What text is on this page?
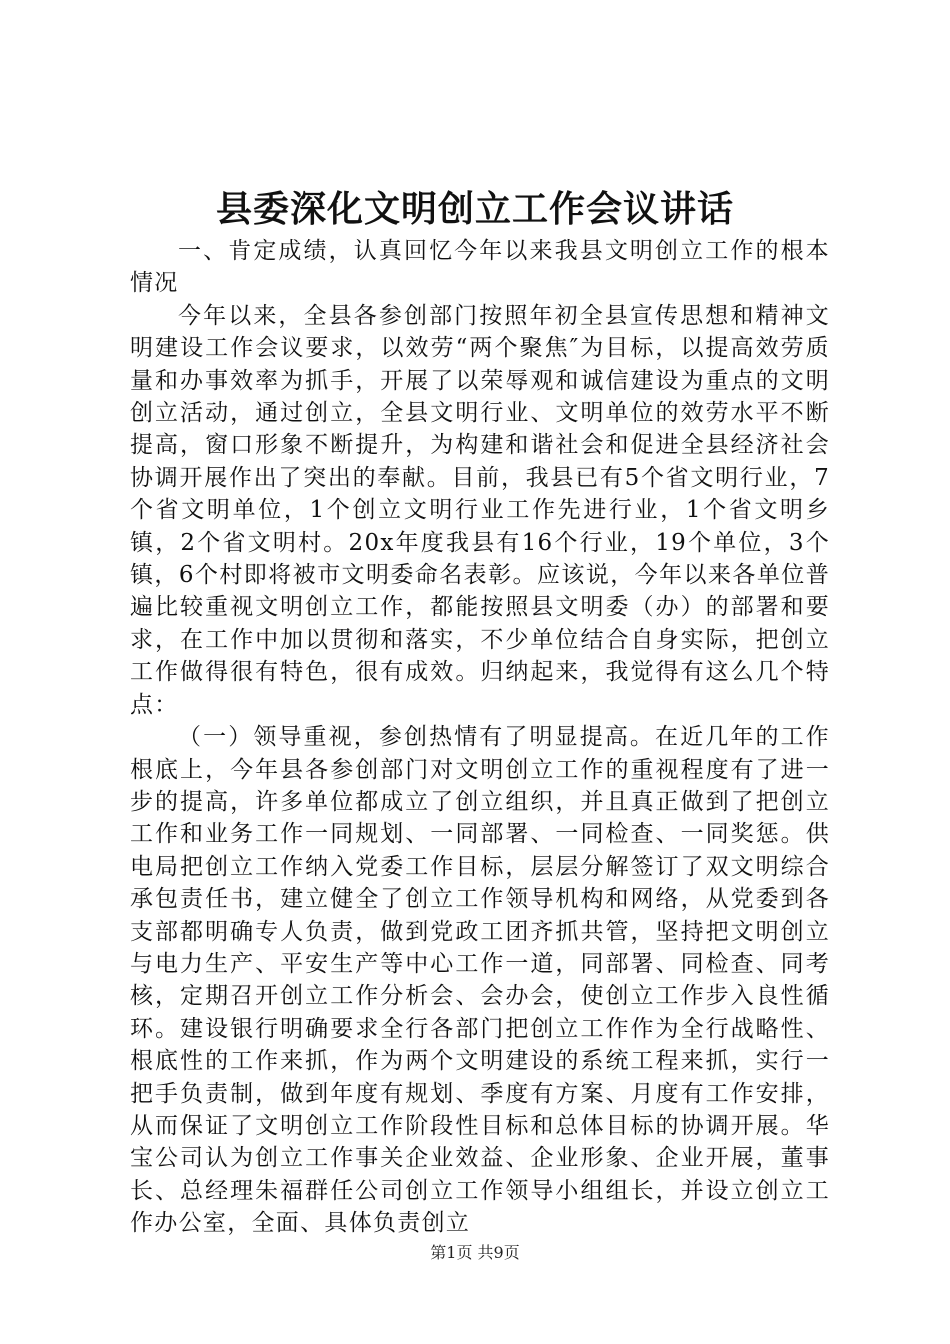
县委深化文明创立工作会议讲话

一、肯定成绩，认真回忆今年以来我县文明创立工作的根本情况

今年以来，全县各参创部门按照年初全县宣传思想和精神文明建设工作会议要求，以效劳“两个聚焦″为目标，以提高效劳质量和办事效率为抓手，开展了以荣辱观和诚信建设为重点的文明创立活动，通过创立，全县文明行业、文明单位的效劳水平不断提高，窗口形象不断提升，为构建和谐社会和促进全县经济社会协调开展作出了突出的奉献。目前，我县已有5个省文明行业，7个省文明单位，1个创立文明行业工作先进行业，1个省文明乡镇，2个省文明村。20x年度我县有16个行业，19个单位，3个镇，6个村即将被市文明委命名表彰。应该说，今年以来各单位普遍比较重视文明创立工作，都能按照县文明委（办）的部署和要求，在工作中加以贯彻和落实，不少单位结合自身实际，把创立工作做得很有特色，很有成效。归纳起来，我觉得有这么几个特点：

（一）领导重视，参创热情有了明显提高。在近几年的工作根底上，今年县各参创部门对文明创立工作的重视程度有了进一步的提高，许多单位都成立了创立组织，并且真正做到了把创立工作和业务工作一同规划、一同部署、一同检查、一同奖惩。供电局把创立工作纳入党委工作目标，层层分解签订了双文明综合承包责任书，建立健全了创立工作领导机构和网络，从党委到各支部都明确专人负责，做到党政工团齐抓共管，坚持把文明创立与电力生产、平安生产等中心工作一道，同部署、同检查、同考核，定期召开创立工作分析会、会办会，使创立工作步入良性循环。建设银行明确要求全行各部门把创立工作作为全行战略性、根底性的工作来抓，作为两个文明建设的系统工程来抓，实行一把手负责制，做到年度有规划、季度有方案、月度有工作安排，从而保证了文明创立工作阶段性目标和总体目标的协调开展。华宝公司认为创立工作事关企业效益、企业形象、企业开展，董事长、总经理朱福群任公司创立工作领导小组组长，并设立创立工作办公室，全面、具体负责创立

第1页 共9页
